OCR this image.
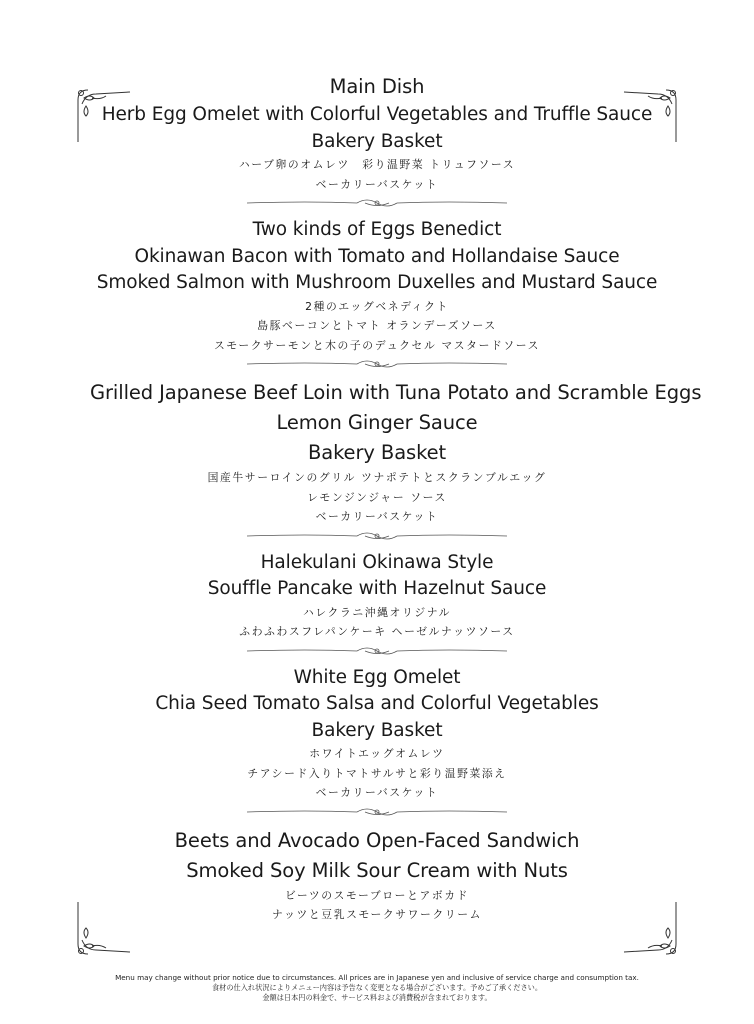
Main Dish
Herb Egg Omelet with Colorful Vegetables and Truffle Sauce
Bakery Basket
ハーブ卵のオムレツ　彩り温野菜 トリュフソース
ベーカリーバスケット
Two kinds of Eggs Benedict
Okinawan Bacon with Tomato and Hollandaise Sauce
Smoked Salmon with Mushroom Duxelles and Mustard Sauce
2種のエッグベネディクト
島豚ベーコンとトマト オランデーズソース
スモークサーモンと木の子のデュクセル マスタードソース
Grilled Japanese Beef Loin with Tuna Potato and Scramble Eggs
Lemon Ginger Sauce
Bakery Basket
国産牛サーロインのグリル ツナポテトとスクランブルエッグ
レモンジンジャー ソース
ベーカリーバスケット
Halekulani Okinawa Style
Souffle Pancake with Hazelnut Sauce
ハレクラニ沖縄オリジナル
ふわふわスフレパンケーキ ヘーゼルナッツソース
White Egg Omelet
Chia Seed Tomato Salsa and Colorful Vegetables
Bakery Basket
ホワイトエッグオムレツ
チアシード入りトマトサルサと彩り温野菜添え
ベーカリーバスケット
Beets and Avocado Open-Faced Sandwich
Smoked Soy Milk Sour Cream with Nuts
ビーツのスモーブローとアボカド
ナッツと豆乳スモークサワークリーム
Menu may change without prior notice due to circumstances. All prices are in Japanese yen and inclusive of service charge and consumption tax.
食材の仕入れ状況によりメニュー内容は予告なく変更となる場合がございます。予めご了承ください。
金額は日本円の料金で、サービス料および消費税が含まれております。
